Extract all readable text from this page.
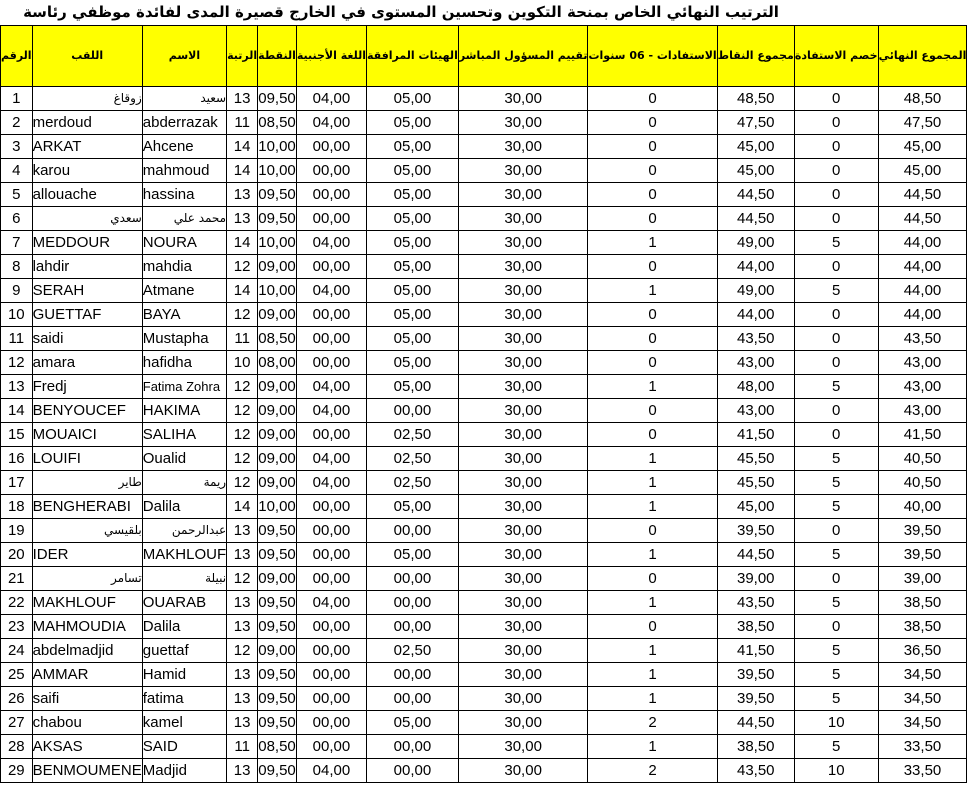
الترتيب النهائي الخاص بمنحة التكوين وتحسين المستوى في الخارج قصيرة المدى لفائدة موظفي رئاسة
الرقم	اللقب	الاسم	الرتبة	النقطة	اللغة الأجنبية	الهيئات المرافقة	تقييم المسؤول المباشر	الاستفادات - 06 سنوات	مجموع النقاط	خصم الاستفادة	المجموع النهائي
1	زوقاغ	سعيد	13	09,50	04,00	05,00	30,00	0	48,50	0	48,50
2	merdoud	abderrazak	11	08,50	04,00	05,00	30,00	0	47,50	0	47,50
3	ARKAT	Ahcene	14	10,00	00,00	05,00	30,00	0	45,00	0	45,00
4	karou	mahmoud	14	10,00	00,00	05,00	30,00	0	45,00	0	45,00
5	allouache	hassina	13	09,50	00,00	05,00	30,00	0	44,50	0	44,50
6	سعدي	محمد علي	13	09,50	00,00	05,00	30,00	0	44,50	0	44,50
7	MEDDOUR	NOURA	14	10,00	04,00	05,00	30,00	1	49,00	5	44,00
8	lahdir	mahdia	12	09,00	00,00	05,00	30,00	0	44,00	0	44,00
9	SERAH	Atmane	14	10,00	04,00	05,00	30,00	1	49,00	5	44,00
10	GUETTAF	BAYA	12	09,00	00,00	05,00	30,00	0	44,00	0	44,00
11	saidi	Mustapha	11	08,50	00,00	05,00	30,00	0	43,50	0	43,50
12	amara	hafidha	10	08,00	00,00	05,00	30,00	0	43,00	0	43,00
13	Fredj	Fatima Zohra	12	09,00	04,00	05,00	30,00	1	48,00	5	43,00
14	BENYOUCEF	HAKIMA	12	09,00	04,00	00,00	30,00	0	43,00	0	43,00
15	MOUAICI	SALIHA	12	09,00	00,00	02,50	30,00	0	41,50	0	41,50
16	LOUIFI	Oualid	12	09,00	04,00	02,50	30,00	1	45,50	5	40,50
17	طاير	ريمة	12	09,00	04,00	02,50	30,00	1	45,50	5	40,50
18	BENGHERABI	Dalila	14	10,00	00,00	05,00	30,00	1	45,00	5	40,00
19	بلقيسي	عبدالرحمن	13	09,50	00,00	00,00	30,00	0	39,50	0	39,50
20	IDER	MAKHLOUF	13	09,50	00,00	05,00	30,00	1	44,50	5	39,50
21	تسامر	نبيلة	12	09,00	00,00	00,00	30,00	0	39,00	0	39,00
22	MAKHLOUF	OUARAB	13	09,50	04,00	00,00	30,00	1	43,50	5	38,50
23	MAHMOUDIA	Dalila	13	09,50	00,00	00,00	30,00	0	38,50	0	38,50
24	abdelmadjid	guettaf	12	09,00	00,00	02,50	30,00	1	41,50	5	36,50
25	AMMAR	Hamid	13	09,50	00,00	00,00	30,00	1	39,50	5	34,50
26	saifi	fatima	13	09,50	00,00	00,00	30,00	1	39,50	5	34,50
27	chabou	kamel	13	09,50	00,00	05,00	30,00	2	44,50	10	34,50
28	AKSAS	SAID	11	08,50	00,00	00,00	30,00	1	38,50	5	33,50
29	BENMOUMENE	Madjid	13	09,50	04,00	00,00	30,00	2	43,50	10	33,50
